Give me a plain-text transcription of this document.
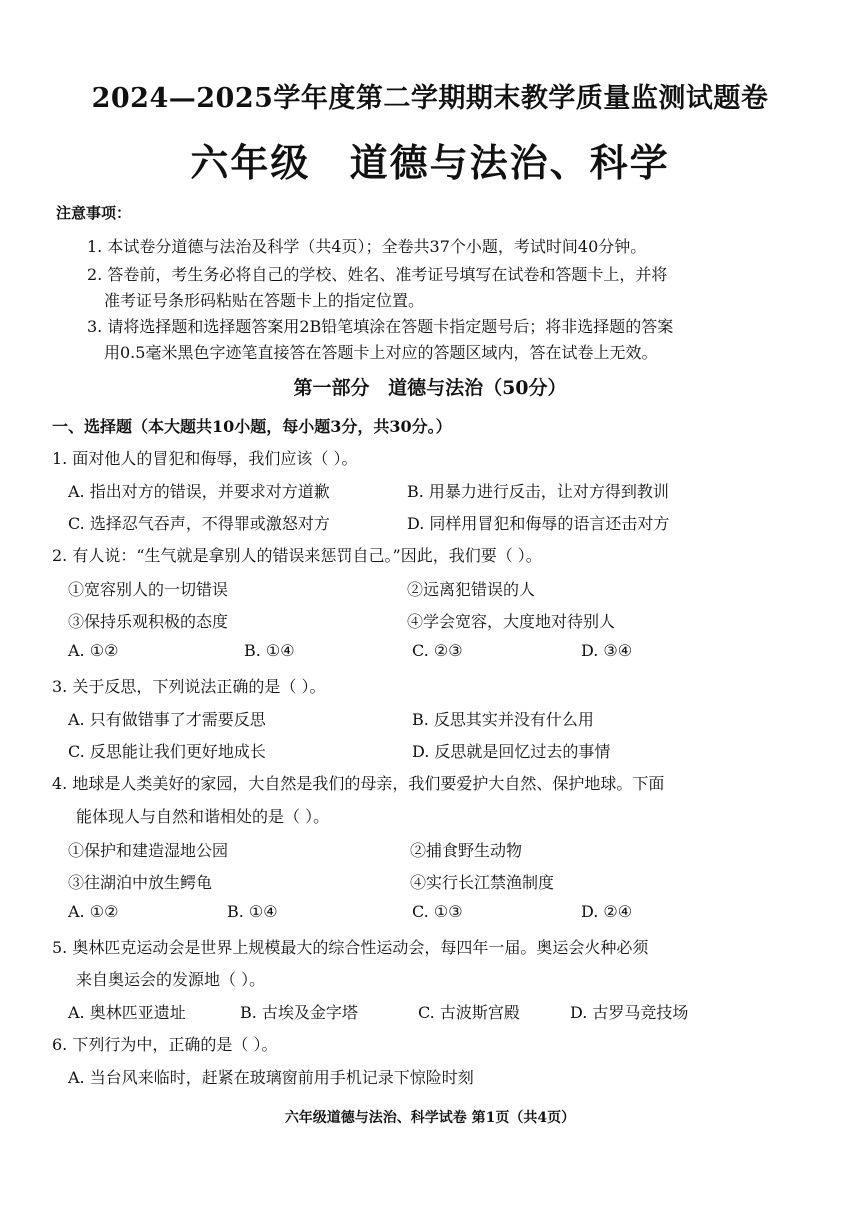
2024—2025学年度第二学期期末教学质量监测试题卷
六年级 道德与法治、科学
注意事项：
1. 本试卷分道德与法治及科学（共4页）；全卷共37个小题，考试时间40分钟。
2. 答卷前，考生务必将自己的学校、姓名、准考证号填写在试卷和答题卡上，并将
准考证号条形码粘贴在答题卡上的指定位置。
3. 请将选择题和选择题答案用2B铅笔填涂在答题卡指定题号后；将非选择题的答案
用0.5毫米黑色字迹笔直接答在答题卡上对应的答题区域内，答在试卷上无效。
第一部分 道德与法治（50分）
一、选择题（本大题共10小题，每小题3分，共30分。）
1. 面对他人的冒犯和侮辱，我们应该（ ）。
A. 指出对方的错误，并要求对方道歉	B. 用暴力进行反击，让对方得到教训
C. 选择忍气吞声，不得罪或激怒对方	D. 同样用冒犯和侮辱的语言还击对方
2. 有人说：“生气就是拿别人的错误来惩罚自己。”因此，我们要（ ）。
①宽容别人的一切错误	②远离犯错误的人
③保持乐观积极的态度	④学会宽容，大度地对待别人
A. ①②	B. ①④	C. ②③	D. ③④
3. 关于反思，下列说法正确的是（ ）。
A. 只有做错事了才需要反思	B. 反思其实并没有什么用
C. 反思能让我们更好地成长	D. 反思就是回忆过去的事情
4. 地球是人类美好的家园，大自然是我们的母亲，我们要爱护大自然、保护地球。下面
能体现人与自然和谐相处的是（ ）。
①保护和建造湿地公园	②捕食野生动物
③往湖泊中放生鳄龟	④实行长江禁渔制度
A. ①②	B. ①④	C. ①③	D. ②④
5. 奥林匹克运动会是世界上规模最大的综合性运动会，每四年一届。奥运会火种必须
来自奥运会的发源地（ ）。
A. 奥林匹亚遗址	B. 古埃及金字塔	C. 古波斯宫殿	D. 古罗马竞技场
6. 下列行为中，正确的是（ ）。
A. 当台风来临时，赶紧在玻璃窗前用手机记录下惊险时刻
六年级道德与法治、科学试卷 第1页（共4页）
